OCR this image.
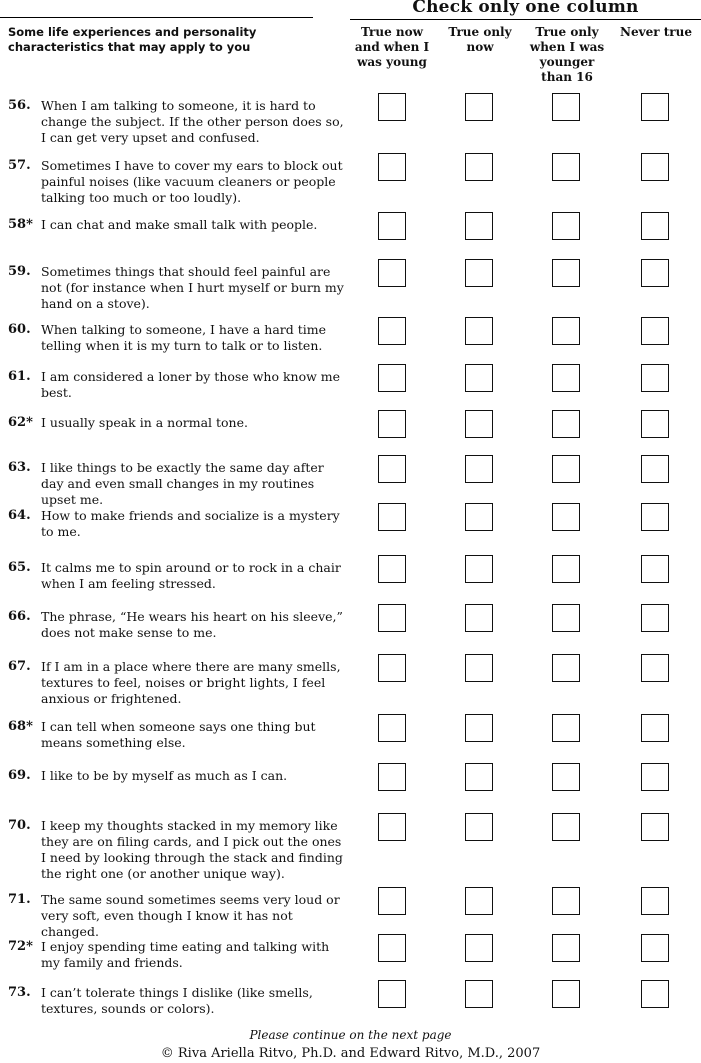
Check only one column
Some life experiences and personality characteristics that may apply to you
True now and when I was young
True only now
True only when I was younger than 16
Never true
56. When I am talking to someone, it is hard to change the subject. If the other person does so, I can get very upset and confused.
57. Sometimes I have to cover my ears to block out painful noises (like vacuum cleaners or people talking too much or too loudly).
58* I can chat and make small talk with people.
59. Sometimes things that should feel painful are not (for instance when I hurt myself or burn my hand on a stove).
60. When talking to someone, I have a hard time telling when it is my turn to talk or to listen.
61. I am considered a loner by those who know me best.
62* I usually speak in a normal tone.
63. I like things to be exactly the same day after day and even small changes in my routines upset me.
64. How to make friends and socialize is a mystery to me.
65. It calms me to spin around or to rock in a chair when I am feeling stressed.
66. The phrase, “He wears his heart on his sleeve,” does not make sense to me.
67. If I am in a place where there are many smells, textures to feel, noises or bright lights, I feel anxious or frightened.
68* I can tell when someone says one thing but means something else.
69. I like to be by myself as much as I can.
70. I keep my thoughts stacked in my memory like they are on filing cards, and I pick out the ones I need by looking through the stack and finding the right one (or another unique way).
71. The same sound sometimes seems very loud or very soft, even though I know it has not changed.
72* I enjoy spending time eating and talking with my family and friends.
73. I can’t tolerate things I dislike (like smells, textures, sounds or colors).
Please continue on the next page
© Riva Ariella Ritvo, Ph.D. and Edward Ritvo, M.D., 2007
